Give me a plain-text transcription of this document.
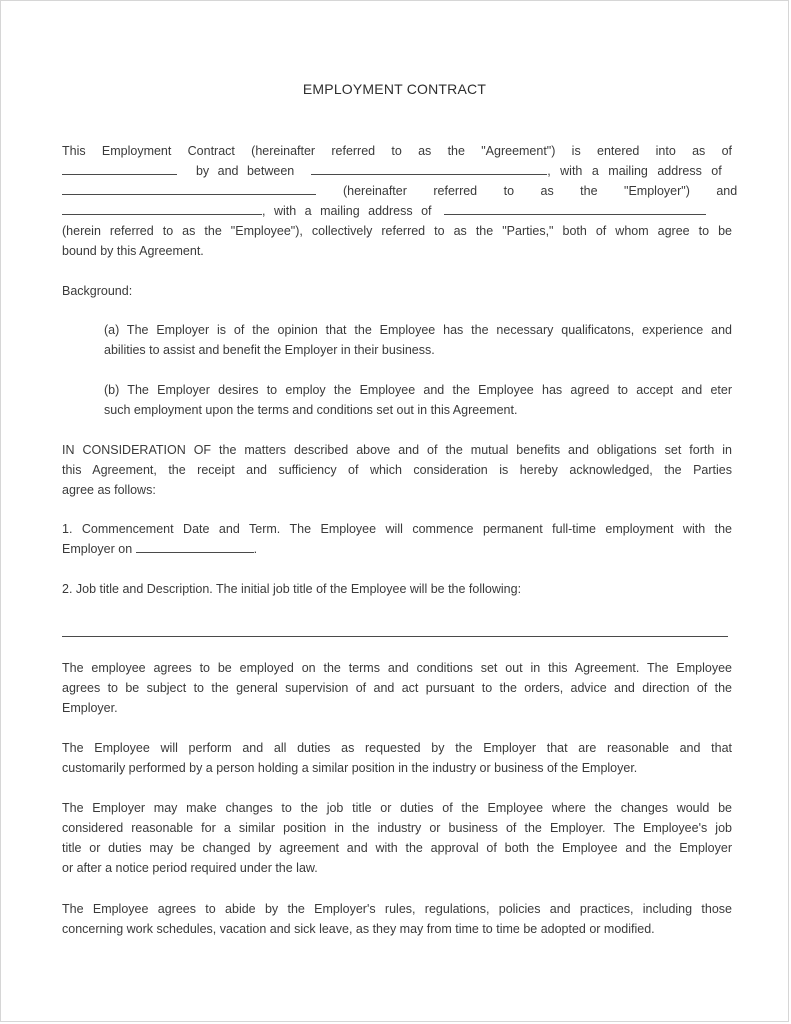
EMPLOYMENT CONTRACT
This Employment Contract (hereinafter referred to as the "Agreement") is entered into as of
by and between	, with a mailing address of
(hereinafter referred to as the "Employer") and
, with a mailing address of
(herein referred to as the "Employee"), collectively referred to as the "Parties," both of whom agree to be
bound by this Agreement.
Background:
(a) The Employer is of the opinion that the Employee has the necessary qualificatons, experience and
abilities to assist and benefit the Employer in their business.
(b) The Employer desires to employ the Employee and the Employee has agreed to accept and eter
such employment upon the terms and conditions set out in this Agreement.
IN CONSIDERATION OF the matters described above and of the mutual benefits and obligations set forth in
this Agreement, the receipt and sufficiency of which consideration is hereby acknowledged, the Parties
agree as follows:
1. Commencement Date and Term. The Employee will commence permanent full-time employment with the
Employer on	.
2. Job title and Description. The initial job title of the Employee will be the following:
The employee agrees to be employed on the terms and conditions set out in this Agreement. The Employee
agrees to be subject to the general supervision of and act pursuant to the orders, advice and direction of the
Employer.
The Employee will perform and all duties as requested by the Employer that are reasonable and that
customarily performed by a person holding a similar position in the industry or business of the Employer.
The Employer may make changes to the job title or duties of the Employee where the changes would be
considered reasonable for a similar position in the industry or business of the Employer. The Employee's job
title or duties may be changed by agreement and with the approval of both the Employee and the Employer
or after a notice period required under the law.
The Employee agrees to abide by the Employer's rules, regulations, policies and practices, including those
concerning work schedules, vacation and sick leave, as they may from time to time be adopted or modified.
